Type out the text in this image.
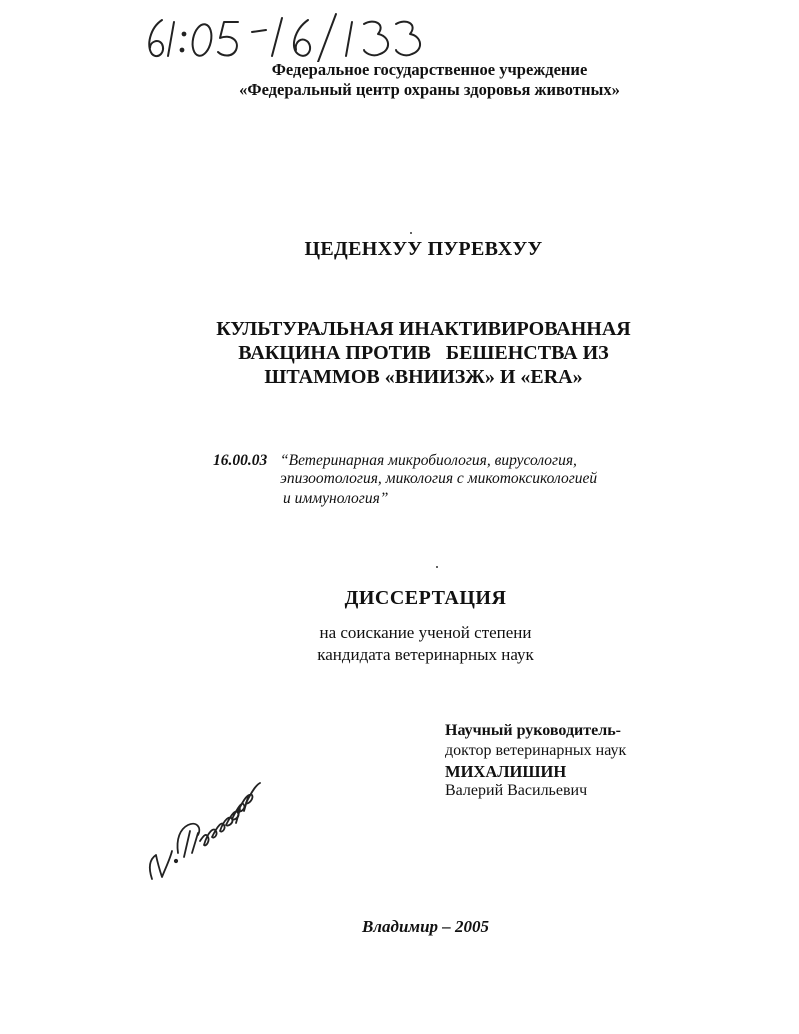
Федеральное государственное учреждение
«Федеральный центр охраны здоровья животных»
ЦЕДЕНХУУ ПУРЕВХУУ
КУЛЬТУРАЛЬНАЯ ИНАКТИВИРОВАННАЯ
ВАКЦИНА ПРОТИВ   БЕШЕНСТВА ИЗ
ШТАММОВ «ВНИИЗЖ» И «ERA»
16.00.03 “Ветеринарная микробиология, вирусология,
эпизоотология, микология с микотоксикологией
и иммунология”
ДИССЕРТАЦИЯ
на соискание ученой степени
кандидата ветеринарных наук
Научный руководитель-
доктор ветеринарных наук
МИХАЛИШИН
Валерий Васильевич
Владимир – 2005
